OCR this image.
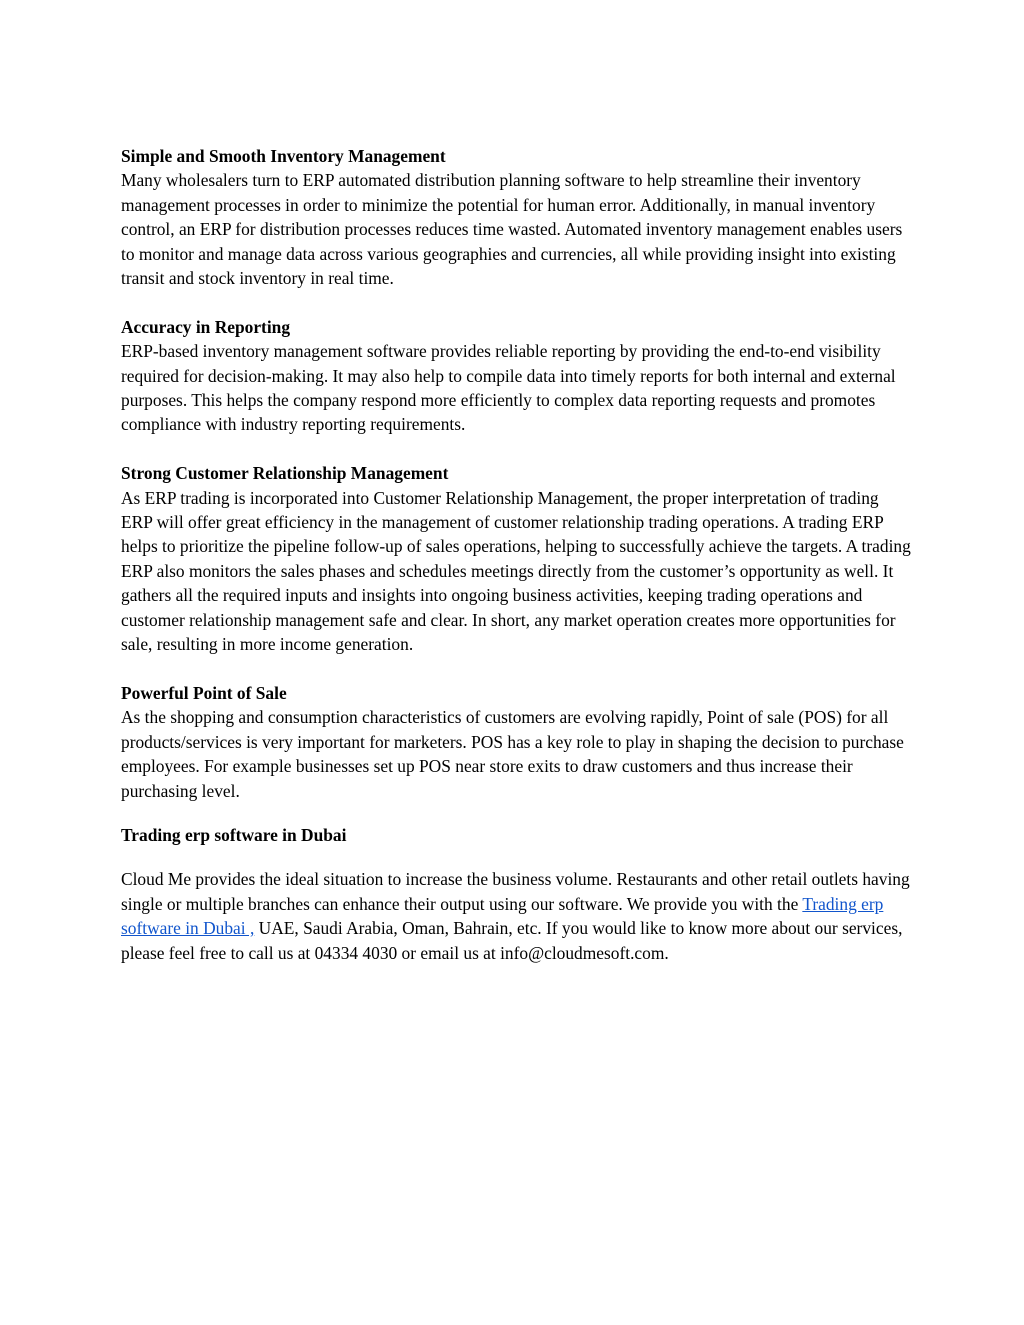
Simple and Smooth Inventory Management
Many wholesalers turn to ERP automated distribution planning software to help streamline their inventory management processes in order to minimize the potential for human error. Additionally, in manual inventory control, an ERP for distribution processes reduces time wasted. Automated inventory management enables users to monitor and manage data across various geographies and currencies, all while providing insight into existing transit and stock inventory in real time.
Accuracy in Reporting
ERP-based inventory management software provides reliable reporting by providing the end-to-end visibility required for decision-making. It may also help to compile data into timely reports for both internal and external purposes. This helps the company respond more efficiently to complex data reporting requests and promotes compliance with industry reporting requirements.
Strong Customer Relationship Management
As ERP trading is incorporated into Customer Relationship Management, the proper interpretation of trading ERP will offer great efficiency in the management of customer relationship trading operations. A trading ERP helps to prioritize the pipeline follow-up of sales operations, helping to successfully achieve the targets. A trading ERP also monitors the sales phases and schedules meetings directly from the customer’s opportunity as well. It gathers all the required inputs and insights into ongoing business activities, keeping trading operations and customer relationship management safe and clear. In short, any market operation creates more opportunities for sale, resulting in more income generation.
Powerful Point of Sale
As the shopping and consumption characteristics of customers are evolving rapidly, Point of sale (POS) for all products/services is very important for marketers. POS has a key role to play in shaping the decision to purchase employees. For example businesses set up POS near store exits to draw customers and thus increase their purchasing level.
Trading erp software in Dubai
Cloud Me provides the ideal situation to increase the business volume. Restaurants and other retail outlets having single or multiple branches can enhance their output using our software. We provide you with the Trading erp software in Dubai , UAE, Saudi Arabia, Oman, Bahrain, etc. If you would like to know more about our services, please feel free to call us at 04334 4030 or email us at info@cloudmesoft.com.
